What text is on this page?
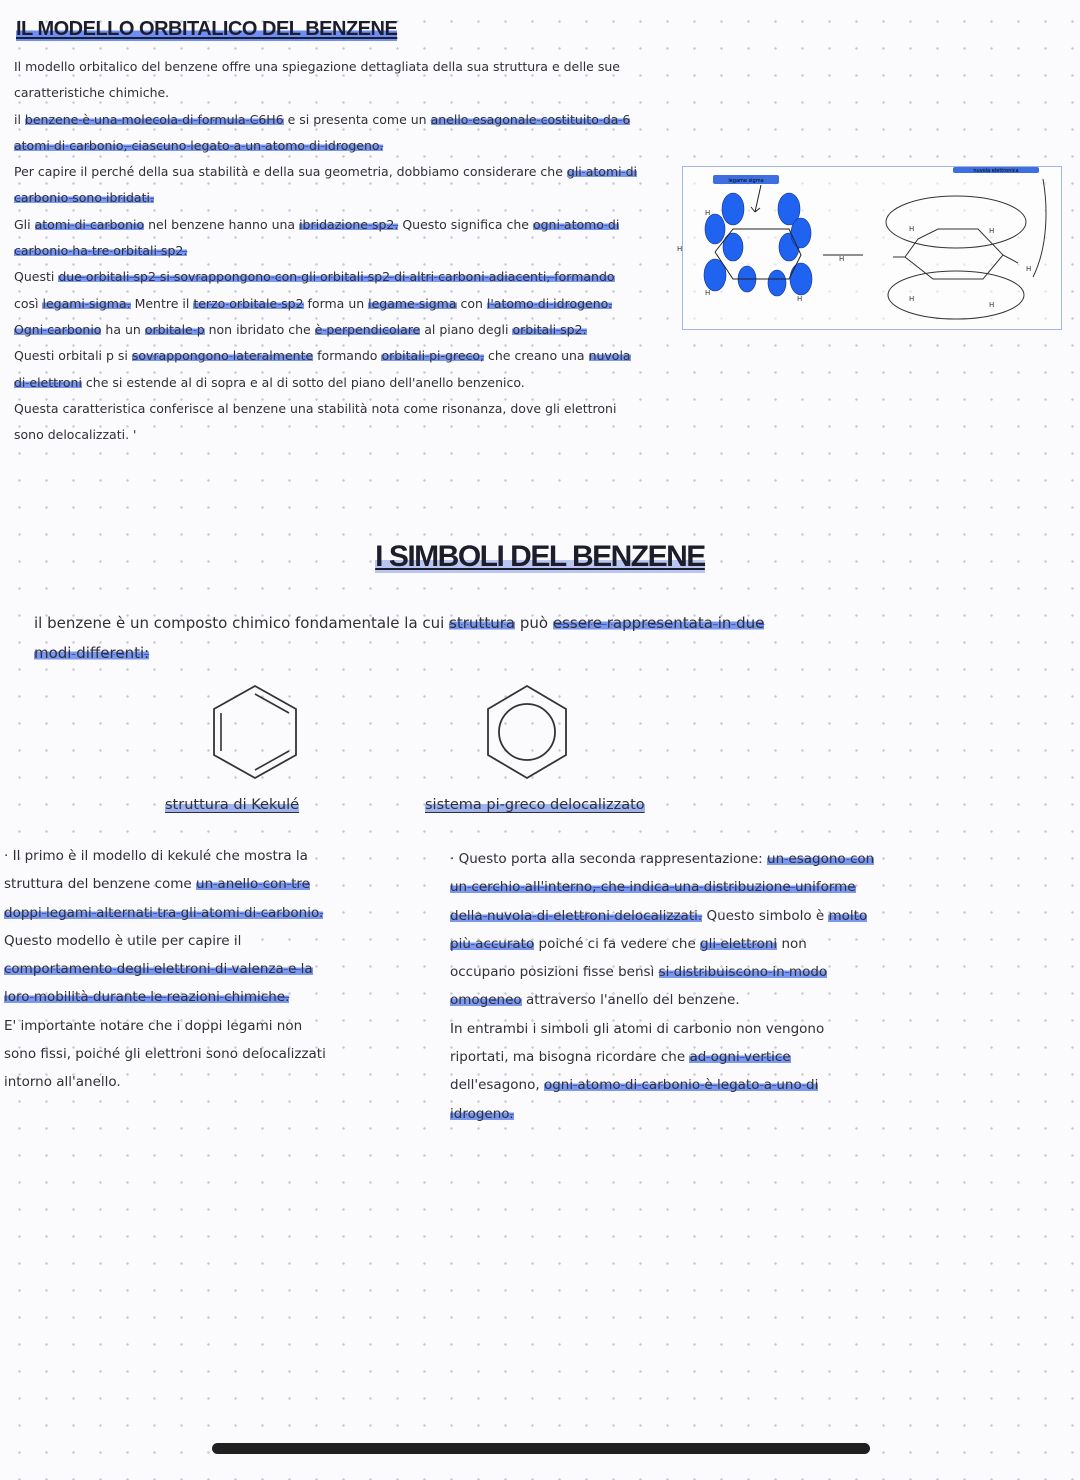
IL MODELLO ORBITALICO DEL BENZENE
Il modello orbitalico del benzene offre una spiegazione dettagliata della sua struttura e delle sue
caratteristiche chimiche.
il benzene è una molecola di formula C6H6 e si presenta come un anello esagonale costituito da 6
atomi di carbonio, ciascuno legato a un atomo di idrogeno.
Per capire il perché della sua stabilità e della sua geometria, dobbiamo considerare che gli atomi di
carbonio sono ibridati.
Gli atomi di carbonio nel benzene hanno una ibridazione sp2. Questo significa che ogni atomo di
carbonio ha tre orbitali sp2.
Questi due orbitali sp2 si sovrappongono con gli orbitali sp2 di altri carboni adiacenti, formando
così legami sigma. Mentre il terzo orbitale sp2 forma un legame sigma con l'atomo di idrogeno.
Ogni carbonio ha un orbitale p non ibridato che è perpendicolare al piano degli orbitali sp2.
Questi orbitali p si sovrappongono lateralmente formando orbitali pi-greco, che creano una nuvola
di elettroni che si estende al di sopra e al di sotto del piano dell'anello benzenico.
Questa caratteristica conferisce al benzene una stabilità nota come risonanza, dove gli elettroni
sono delocalizzati. '
legame sigma
H
H
H
H
H
nuvola elettronica
H	H
H
H
H
I SIMBOLI DEL BENZENE
il benzene è un composto chimico fondamentale la cui struttura può essere rappresentata in due
modi differenti:
struttura di Kekulé	sistema pi-greco delocalizzato
· Il primo è il modello di kekulé che mostra la
struttura del benzene come un anello con tre
doppi legami alternati tra gli atomi di carbonio.
Questo modello è utile per capire il
comportamento degli elettroni di valenza e la
loro mobilità durante le reazioni chimiche.
E' importante notare che i doppi legami non
sono fissi, poiché gli elettroni sono delocalizzati
intorno all'anello.
· Questo porta alla seconda rappresentazione: un esagono con
un cerchio all'interno, che indica una distribuzione uniforme
della nuvola di elettroni delocalizzati. Questo simbolo è molto
più accurato poiché ci fa vedere che gli elettroni non
occupano posizioni fisse bensì si distribuiscono in modo
omogeneo attraverso l'anello del benzene.
In entrambi i simboli gli atomi di carbonio non vengono
riportati, ma bisogna ricordare che ad ogni vertice
dell'esagono, ogni atomo di carbonio è legato a uno di
idrogeno.
